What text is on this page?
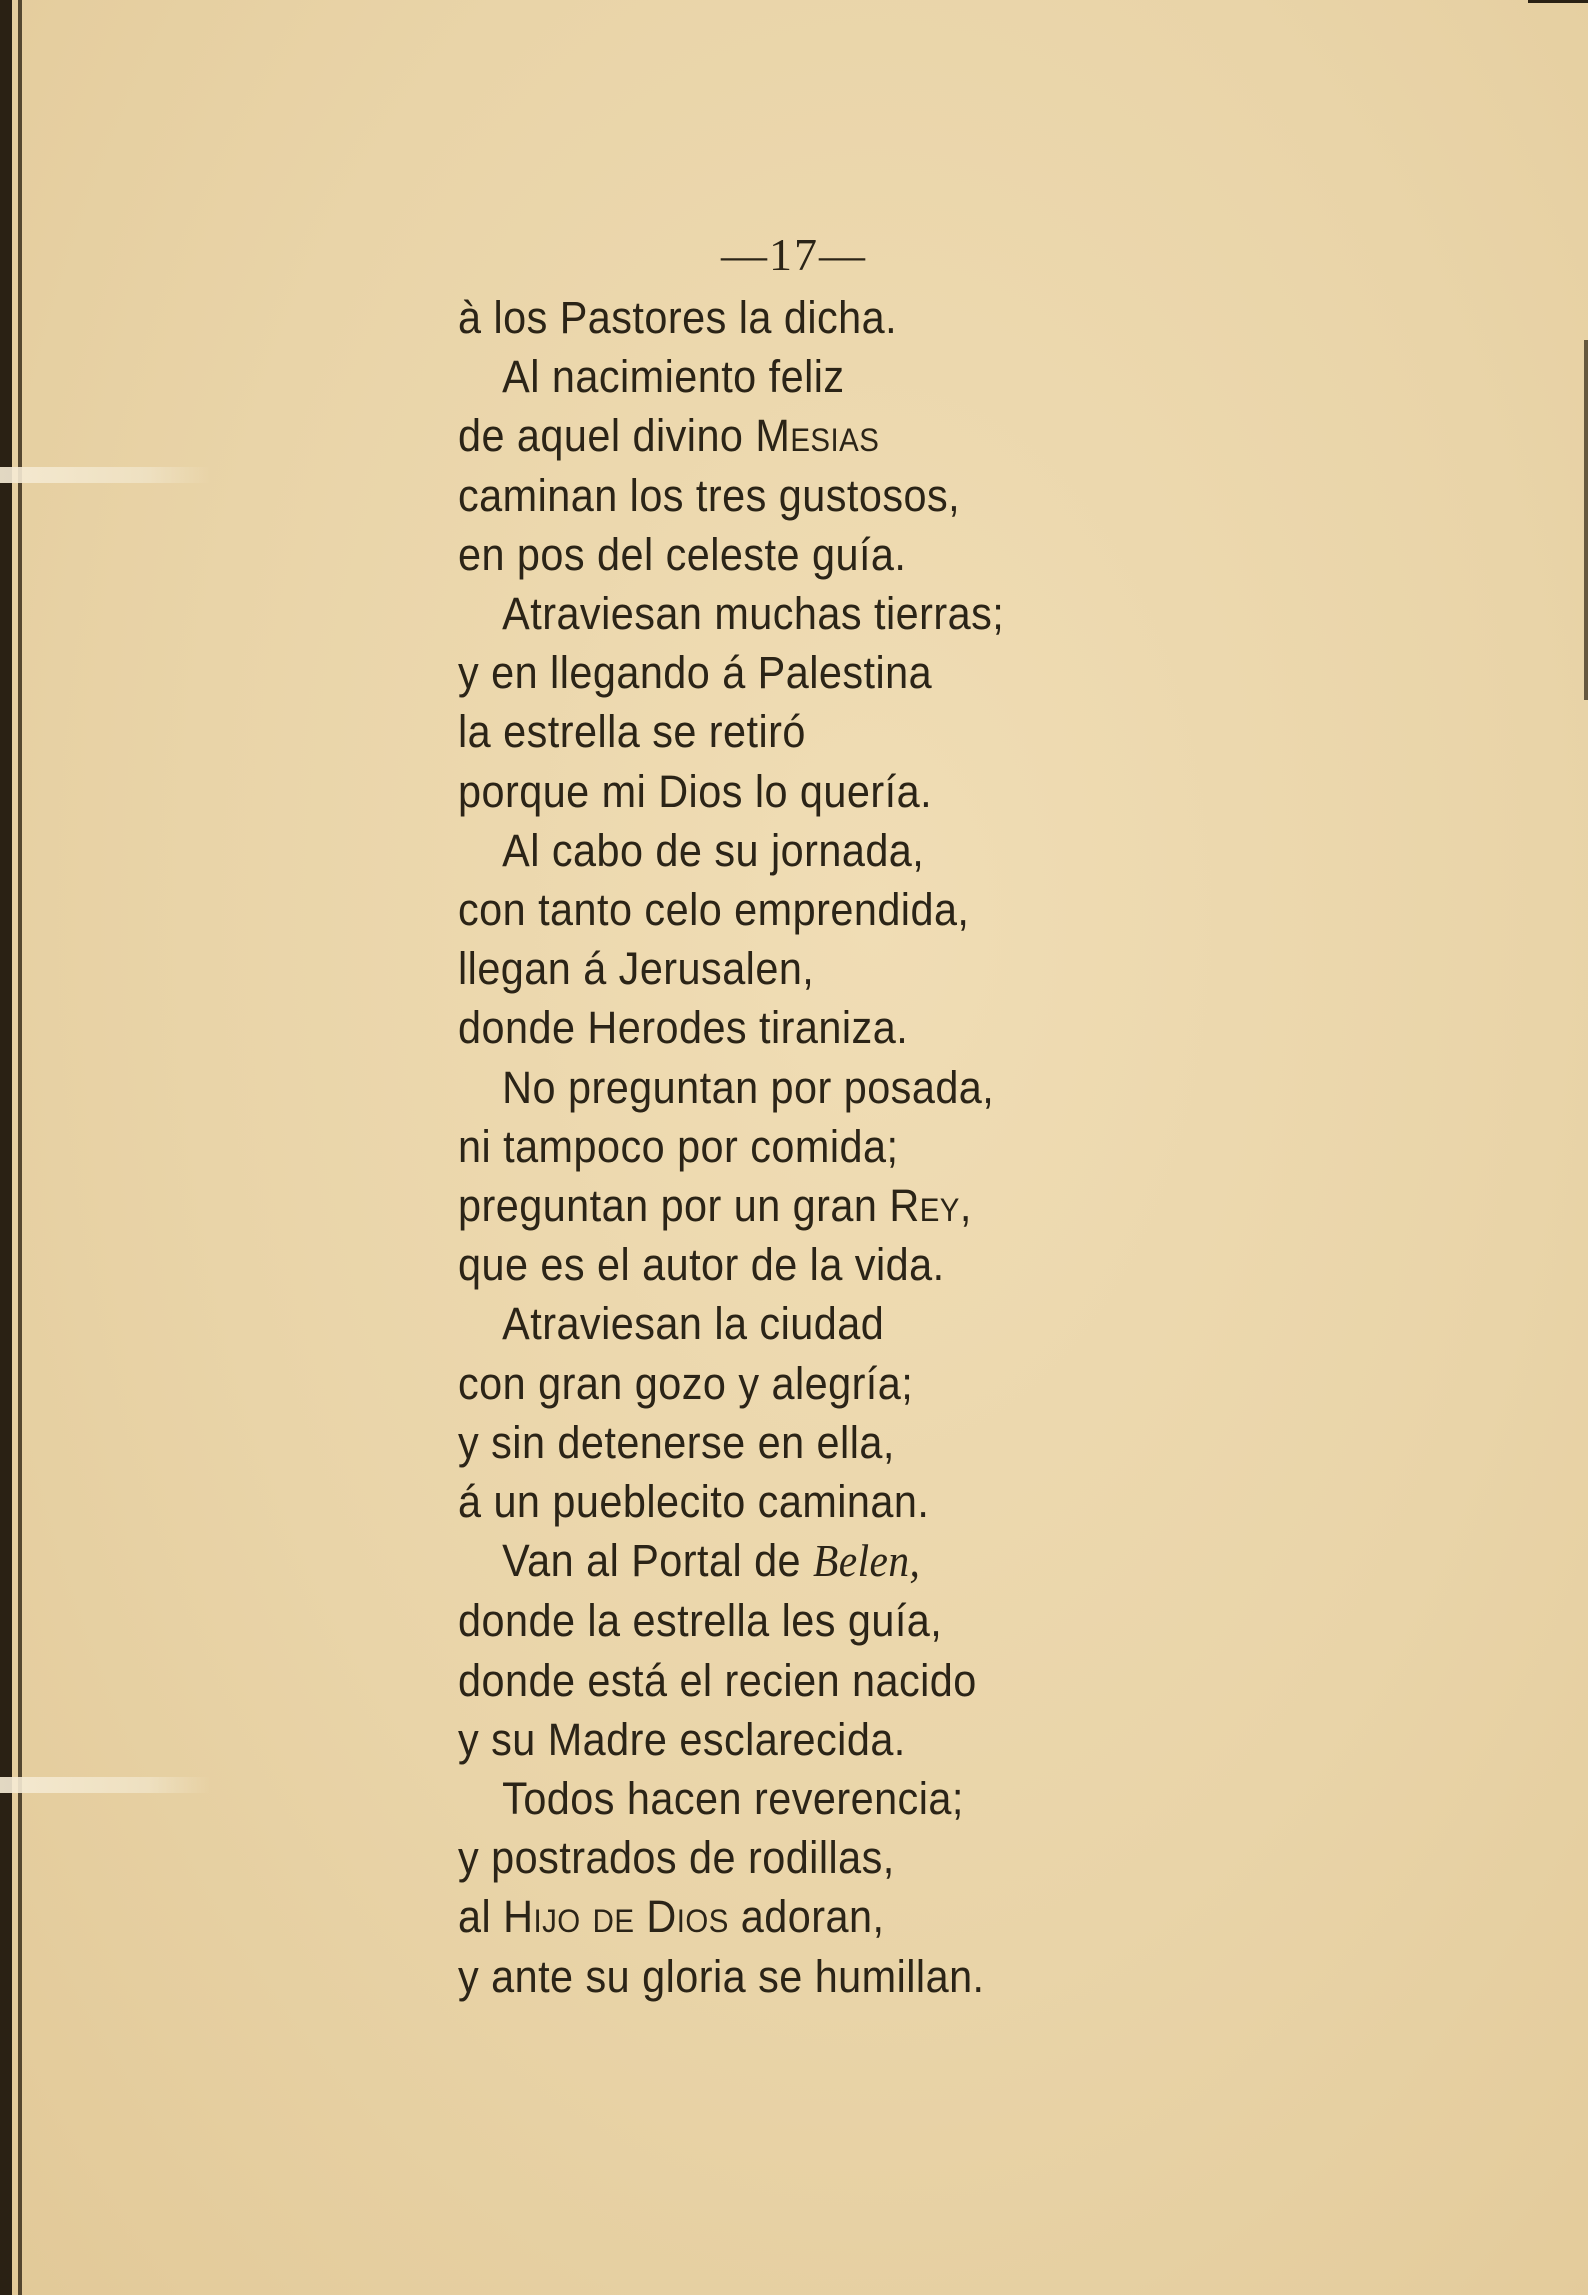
—17—
à los Pastores la dicha.
Al nacimiento feliz
de aquel divino Mesias
caminan los tres gustosos,
en pos del celeste guía.
Atraviesan muchas tierras;
y en llegando á Palestina
la estrella se retiró
porque mi Dios lo quería.
Al cabo de su jornada,
con tanto celo emprendida,
llegan á Jerusalen,
donde Herodes tiraniza.
No preguntan por posada,
ni tampoco por comida;
preguntan por un gran Rey,
que es el autor de la vida.
Atraviesan la ciudad
con gran gozo y alegría;
y sin detenerse en ella,
á un pueblecito caminan.
Van al Portal de Belen,
donde la estrella les guía,
donde está el recien nacido
y su Madre esclarecida.
Todos hacen reverencia;
y postrados de rodillas,
al Hijo de Dios adoran,
y ante su gloria se humillan.
